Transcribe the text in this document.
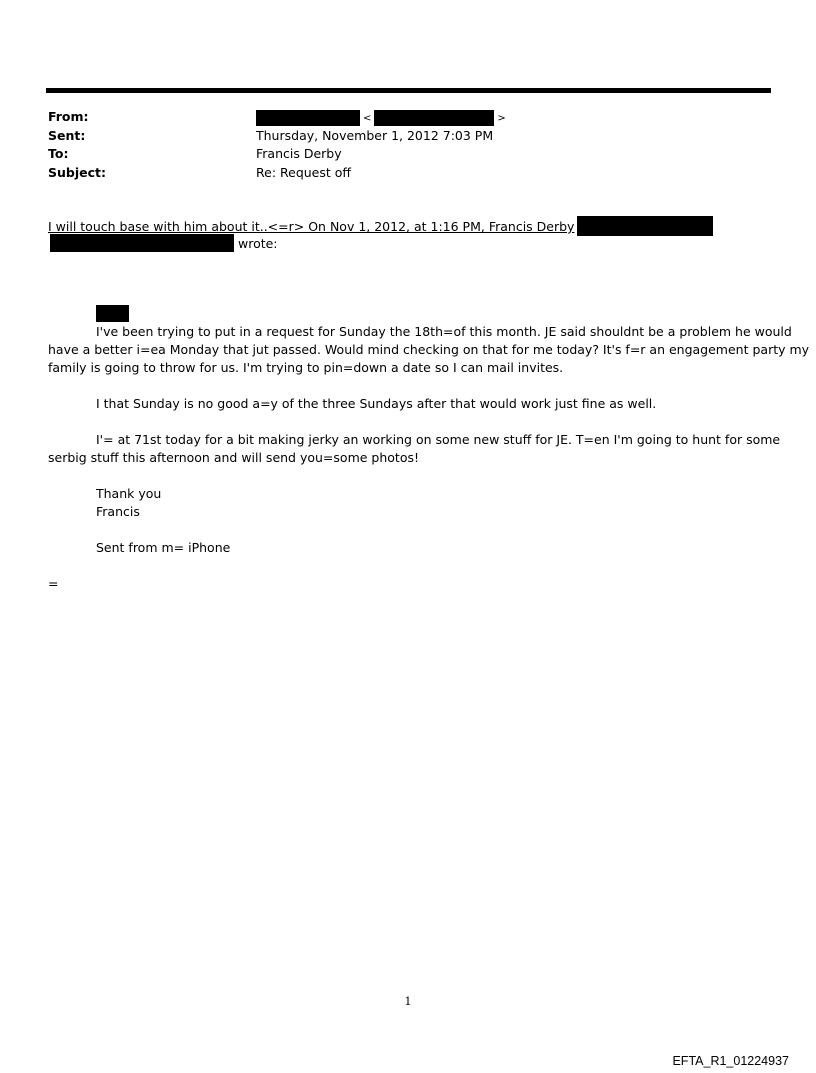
From:	<	>
Sent:	Thursday, November 1, 2012 7:03 PM
To:	Francis Derby
Subject:	Re: Request off
I will touch base with him about it..<=r> On Nov 1, 2012, at 1:16 PM, Francis Derby
wrote:
I've been trying to put in a request for Sunday the 18th=of this month. JE said shouldnt be a problem he would
have a better i=ea Monday that jut passed. Would mind checking on that for me today? It's f=r an engagement party my
family is going to throw for us. I'm trying to pin=down a date so I can mail invites.
I that Sunday is no good a=y of the three Sundays after that would work just fine as well.
I'= at 71st today for a bit making jerky an working on some new stuff for JE. T=en I'm going to hunt for some
serbig stuff this afternoon and will send you=some photos!
Thank you
Francis
Sent from m= iPhone
=
1
EFTA_R1_01224937
